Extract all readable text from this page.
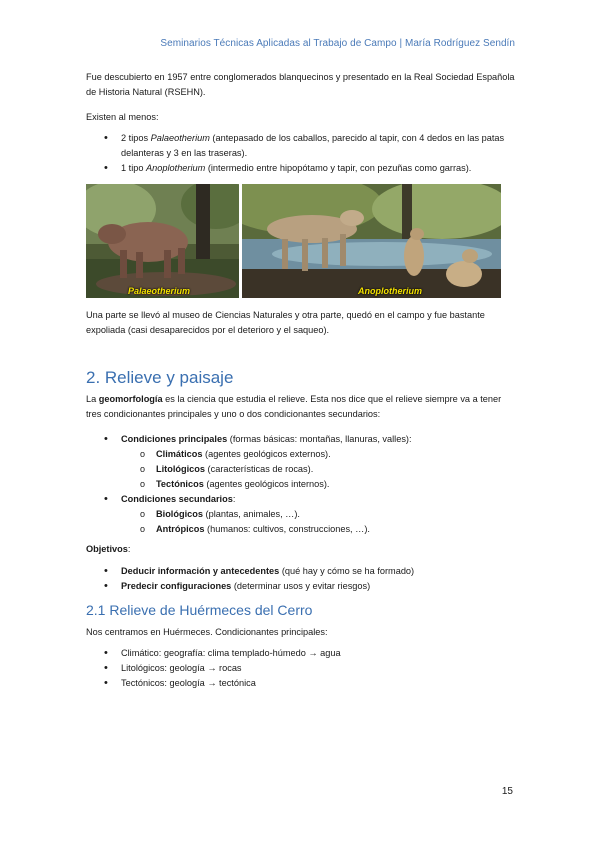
Seminarios Técnicas Aplicadas al Trabajo de Campo | María Rodríguez Sendín

Fue descubierto en 1957 entre conglomerados blanquecinos y presentado en la Real Sociedad Española de Historia Natural (RSEHN).

Existen al menos:

• 2 tipos Palaeotherium (antepasado de los caballos, parecido al tapir, con 4 dedos en las patas delanteras y 3 en las traseras).
• 1 tipo Anoplotherium (intermedio entre hipopótamo y tapir, con pezuñas como garras).
Palaeotherium	Anoplotherium

Una parte se llevó al museo de Ciencias Naturales y otra parte, quedó en el campo y fue bastante expoliada (casi desaparecidos por el deterioro y el saqueo).

2. Relieve y paisaje

La geomorfología es la ciencia que estudia el relieve. Esta nos dice que el relieve siempre va a tener tres condicionantes principales y uno o dos condicionantes secundarios:

• Condiciones principales (formas básicas: montañas, llanuras, valles):
o Climáticos (agentes geológicos externos).
o Litológicos (características de rocas).
o Tectónicos (agentes geológicos internos).
• Condiciones secundarios:
o Biológicos (plantas, animales, …).
o Antrópicos (humanos: cultivos, construcciones, …).

Objetivos:

• Deducir información y antecedentes (qué hay y cómo se ha formado)
• Predecir configuraciones (determinar usos y evitar riesgos)
2.1 Relieve de Huérmeces del Cerro

Nos centramos en Huérmeces. Condicionantes principales:

• Climático: geografía: clima templado-húmedo → agua
• Litológicos: geología → rocas
• Tectónicos: geología → tectónica
15
